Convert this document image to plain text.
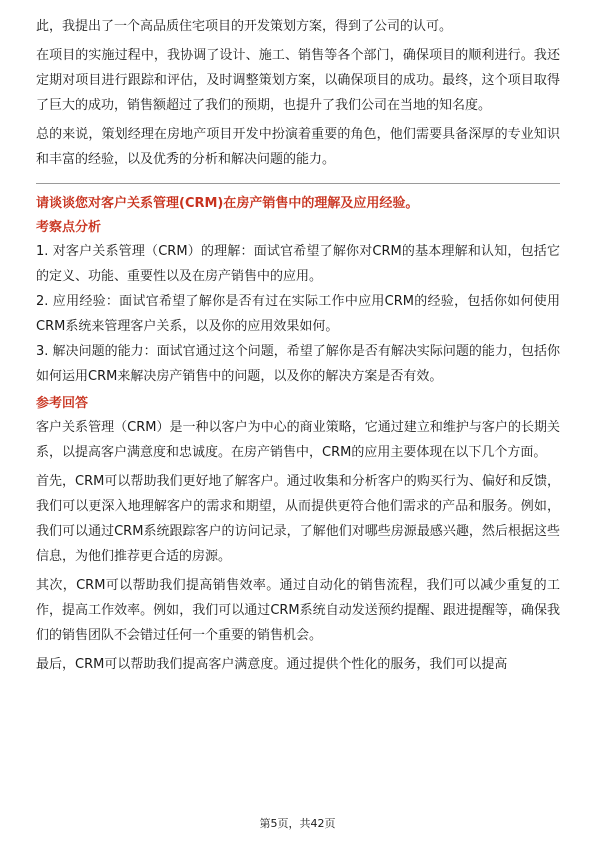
此，我提出了一个高品质住宅项目的开发策划方案，得到了公司的认可。

在项目的实施过程中，我协调了设计、施工、销售等各个部门，确保项目的顺利进行。我还定期对项目进行跟踪和评估，及时调整策划方案，以确保项目的成功。最终，这个项目取得了巨大的成功，销售额超过了我们的预期，也提升了我们公司在当地的知名度。

总的来说，策划经理在房地产项目开发中扮演着重要的角色，他们需要具备深厚的专业知识和丰富的经验，以及优秀的分析和解决问题的能力。

请谈谈您对客户关系管理(CRM)在房产销售中的理解及应用经验。
考察点分析

1. 对客户关系管理（CRM）的理解：面试官希望了解你对CRM的基本理解和认知，包括它的定义、功能、重要性以及在房产销售中的应用。

2. 应用经验：面试官希望了解你是否有过在实际工作中应用CRM的经验，包括你如何使用CRM系统来管理客户关系，以及你的应用效果如何。

3. 解决问题的能力：面试官通过这个问题，希望了解你是否有解决实际问题的能力，包括你如何运用CRM来解决房产销售中的问题，以及你的解决方案是否有效。

参考回答

客户关系管理（CRM）是一种以客户为中心的商业策略，它通过建立和维护与客户的长期关系，以提高客户满意度和忠诚度。在房产销售中，CRM的应用主要体现在以下几个方面。

首先，CRM可以帮助我们更好地了解客户。通过收集和分析客户的购买行为、偏好和反馈，我们可以更深入地理解客户的需求和期望，从而提供更符合他们需求的产品和服务。例如，我们可以通过CRM系统跟踪客户的访问记录，了解他们对哪些房源最感兴趣，然后根据这些信息，为他们推荐更合适的房源。

其次，CRM可以帮助我们提高销售效率。通过自动化的销售流程，我们可以减少重复的工作，提高工作效率。例如，我们可以通过CRM系统自动发送预约提醒、跟进提醒等，确保我们的销售团队不会错过任何一个重要的销售机会。

最后，CRM可以帮助我们提高客户满意度。通过提供个性化的服务，我们可以提高

第5页，共42页
